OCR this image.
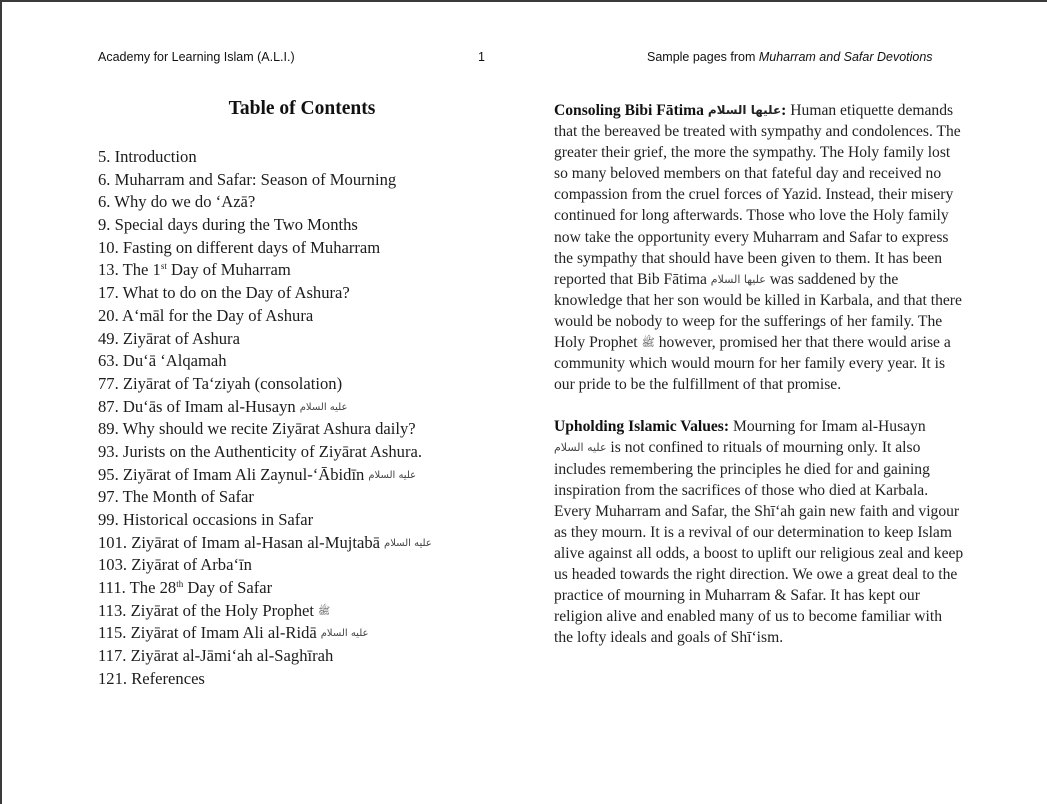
Academy for Learning Islam (A.L.I.)	1	Sample pages from Muharram and Safar Devotions
Table of Contents
5. Introduction
6. Muharram and Safar: Season of Mourning
6. Why do we do ‘Azā?
9. Special days during the Two Months
10. Fasting on different days of Muharram
13. The 1st Day of Muharram
17. What to do on the Day of Ashura?
20. A‘māl for the Day of Ashura
49. Ziyārat of Ashura
63. Du‘ā ‘Alqamah
77. Ziyārat of Ta‘ziyah (consolation)
87. Du‘ās of Imam al-Husayn عليه السلام
89. Why should we recite Ziyārat Ashura daily?
93. Jurists on the Authenticity of Ziyārat Ashura.
95. Ziyārat of Imam Ali Zaynul-‘Ābidīn عليه السلام
97. The Month of Safar
99. Historical occasions in Safar
101. Ziyārat of Imam al-Hasan al-Mujtabā عليه السلام
103. Ziyārat of Arba‘īn
111. The 28th Day of Safar
113. Ziyārat of the Holy Prophet ﷺ
115. Ziyārat of Imam Ali al-Ridā عليه السلام
117. Ziyārat al-Jāmi‘ah al-Saghīrah
121. References

Consoling Bibi Fātima عليها السلام: Human etiquette demands that the bereaved be treated with sympathy and condolences. The greater their grief, the more the sympathy. The Holy family lost so many beloved members on that fateful day and received no compassion from the cruel forces of Yazid. Instead, their misery continued for long afterwards. Those who love the Holy family now take the opportunity every Muharram and Safar to express the sympathy that should have been given to them. It has been reported that Bib Fātima عليها السلام was saddened by the knowledge that her son would be killed in Karbala, and that there would be nobody to weep for the sufferings of her family. The Holy Prophet ﷺ however, promised her that there would arise a community which would mourn for her family every year. It is our pride to be the fulfillment of that promise.

Upholding Islamic Values: Mourning for Imam al-Husayn عليه السلام is not confined to rituals of mourning only. It also includes remembering the principles he died for and gaining inspiration from the sacrifices of those who died at Karbala. Every Muharram and Safar, the Shī‘ah gain new faith and vigour as they mourn. It is a revival of our determination to keep Islam alive against all odds, a boost to uplift our religious zeal and keep us headed towards the right direction. We owe a great deal to the practice of mourning in Muharram & Safar. It has kept our religion alive and enabled many of us to become familiar with the lofty ideals and goals of Shī‘ism.
